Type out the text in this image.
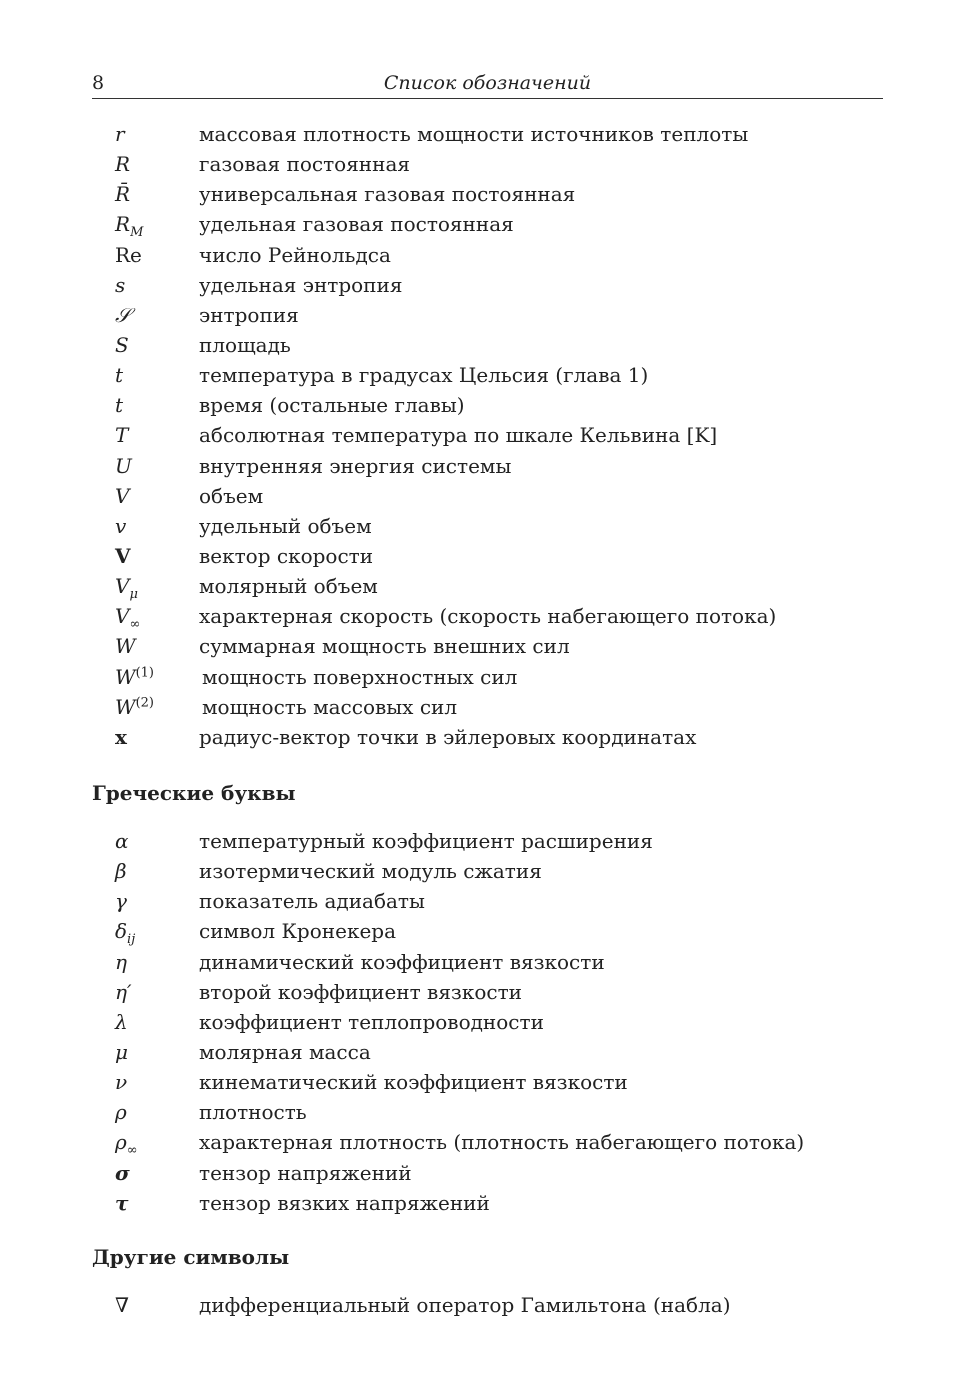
8	Список обозначений
r	массовая плотность мощности источников теплоты
R	газовая постоянная
R̄	универсальная газовая постоянная
$R_M$	удельная газовая постоянная
Re	число Рейнольдса
s	удельная энтропия
𝒮	энтропия
S	площадь
t	температура в градусах Цельсия (глава 1)
t	время (остальные главы)
T	абсолютная температура по шкале Кельвина [K]
U	внутренняя энергия системы
V	объем
v	удельный объем
V	вектор скорости
$V_\mu$	молярный объем
$V_\infty$	характерная скорость (скорость набегающего потока)
W	суммарная мощность внешних сил
$W^{(1)}$	мощность поверхностных сил
$W^{(2)}$	мощность массовых сил
x	радиус-вектор точки в эйлеровых координатах
Греческие буквы
α	температурный коэффициент расширения
β	изотермический модуль сжатия
γ	показатель адиабаты
$\delta_{ij}$	символ Кронекера
η	динамический коэффициент вязкости
η′	второй коэффициент вязкости
λ	коэффициент теплопроводности
μ	молярная масса
ν	кинематический коэффициент вязкости
ρ	плотность
$\rho_\infty$	характерная плотность (плотность набегающего потока)
σ	тензор напряжений
τ	тензор вязких напряжений
Другие символы
∇	дифференциальный оператор Гамильтона (набла)
